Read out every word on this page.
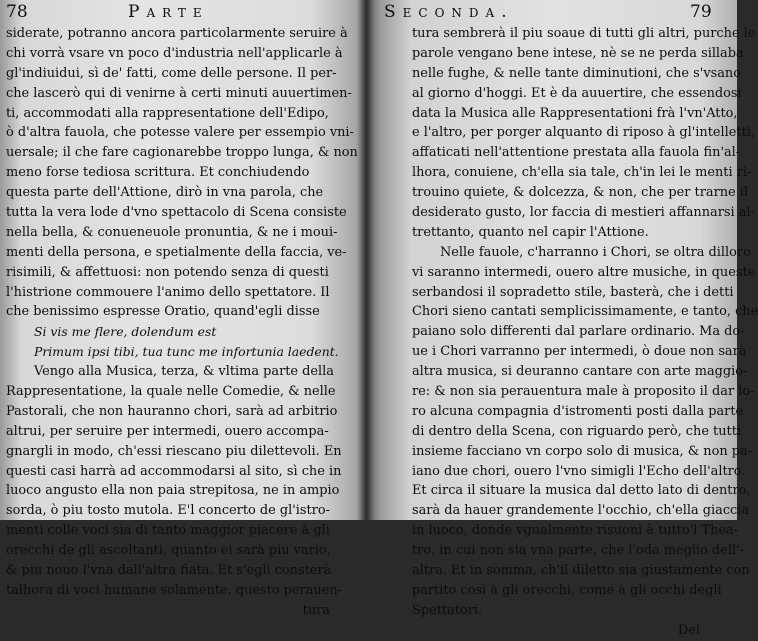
78	Parte
siderate, potranno ancora particolarmente seruire à
chi vorrà vsare vn poco d'industria nell'applicarle à
gl'indiuidui, sì de' fatti, come delle persone. Il per-
che lascerò qui di venirne à certi minuti auuertimen-
ti, accommodati alla rappresentatione dell'Edipo,
ò d'altra fauola, che potesse valere per essempio vni-
uersale; il che fare cagionarebbe troppo lunga, & non
meno forse tediosa scrittura. Et conchiudendo
questa parte dell'Attione, dirò in vna parola, che
tutta la vera lode d'vno spettacolo di Scena consiste
nella bella, & conueneuole pronuntia, & ne i moui-
menti della persona, e spetialmente della faccia, ve-
risimili, & affettuosi: non potendo senza di questi
l'histrione commouere l'animo dello spettatore. Il
che benissimo espresse Oratio, quand'egli disse
Si vis me flere, dolendum est
Primum ipsi tibi, tua tunc me infortunia laedent.
Vengo alla Musica, terza, & vltima parte della
Rappresentatione, la quale nelle Comedie, & nelle
Pastorali, che non hauranno chori, sarà ad arbitrio
altrui, per seruire per intermedi, ouero accompa-
gnargli in modo, ch'essi riescano piu dilettevoli. En
questi casi harrà ad accommodarsi al sito, sì che in
luoco angusto ella non paia strepitosa, ne in ampio
sorda, ò piu tosto mutola. E'l concerto de gl'istro-
menti colle voci sia di tanto maggior piacere à gli
orecchi de gli ascoltanti, quanto ei sarà piu vario,
& piu nouo l'vna dall'altra fiata. Et s'egli consterà
talhora di voci humane solamente, questo perauen-
tura
Seconda.	79
tura sembrerà il piu soaue di tutti gli altri, purche le
parole vengano bene intese, nè se ne perda sillaba
nelle fughe, & nelle tante diminutioni, che s'vsano
al giorno d'hoggi. Et è da auuertire, che essendosi
data la Musica alle Rappresentationi frà l'vn'Atto,
e l'altro, per porger alquanto di riposo à gl'intelletti,
affaticati nell'attentione prestata alla fauola fin'al-
lhora, conuiene, ch'ella sia tale, ch'in lei le menti ri-
trouino quiete, & dolcezza, & non, che per trarne il
desiderato gusto, lor faccia di mestieri affannarsi al-
trettanto, quanto nel capir l'Attione.
Nelle fauole, c'harranno i Chori, se oltra dilloro
vi saranno intermedi, ouero altre musiche, in queste
serbandosi il sopradetto stile, basterà, che i detti
Chori sieno cantati semplicissimamente, e tanto, che
paiano solo differenti dal parlare ordinario. Ma do-
ue i Chori varranno per intermedi, ò doue non sarà
altra musica, si deuranno cantare con arte maggio-
re: & non sia perauentura male à proposito il dar lo-
ro alcuna compagnia d'istromenti posti dalla parte
di dentro della Scena, con riguardo però, che tutti
insieme facciano vn corpo solo di musica, & non pa-
iano due chori, ouero l'vno simigli l'Echo dell'altro.
Et circa il situare la musica dal detto lato di dentro,
sarà da hauer grandemente l'occhio, ch'ella giaccia
in luoco, donde vgualmente risuoni à tutto'l Thea-
tro, in cui non sia vna parte, che l'oda meglio dell'-
altra. Et in somma, ch'il diletto sia giustamente con
partito così à gli orecchi, come à gli occhi degli
Spettatori.
Del
